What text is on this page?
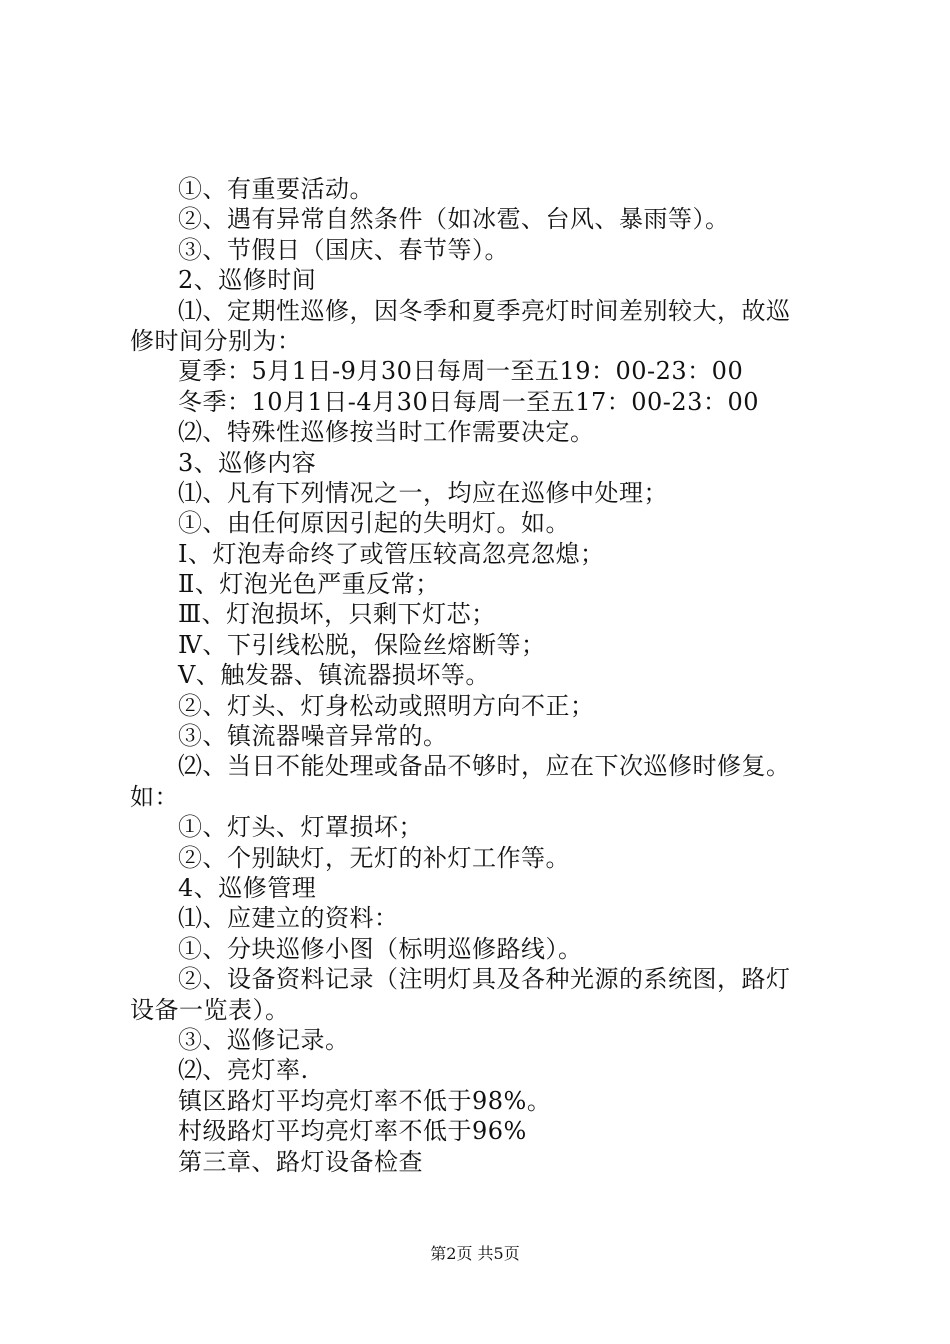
①、有重要活动。
②、遇有异常自然条件（如冰雹、台风、暴雨等）。
③、节假日（国庆、春节等）。
2、巡修时间
⑴、定期性巡修，因冬季和夏季亮灯时间差别较大，故巡
修时间分别为：
夏季：5月1日-9月30日每周一至五19：00-23：00
冬季：10月1日-4月30日每周一至五17：00-23：00
⑵、特殊性巡修按当时工作需要决定。
3、巡修内容
⑴、凡有下列情况之一，均应在巡修中处理；
①、由任何原因引起的失明灯。如。
Ⅰ、灯泡寿命终了或管压较高忽亮忽熄；
Ⅱ、灯泡光色严重反常；
Ⅲ、灯泡损坏，只剩下灯芯；
Ⅳ、下引线松脱，保险丝熔断等；
Ⅴ、触发器、镇流器损坏等。
②、灯头、灯身松动或照明方向不正；
③、镇流器噪音异常的。
⑵、当日不能处理或备品不够时，应在下次巡修时修复。
如：
①、灯头、灯罩损坏；
②、个别缺灯，无灯的补灯工作等。
4、巡修管理
⑴、应建立的资料：
①、分块巡修小图（标明巡修路线）。
②、设备资料记录（注明灯具及各种光源的系统图，路灯
设备一览表）。
③、巡修记录。
⑵、亮灯率.
镇区路灯平均亮灯率不低于98%。
村级路灯平均亮灯率不低于96%
第三章、路灯设备检查
第2页 共5页
